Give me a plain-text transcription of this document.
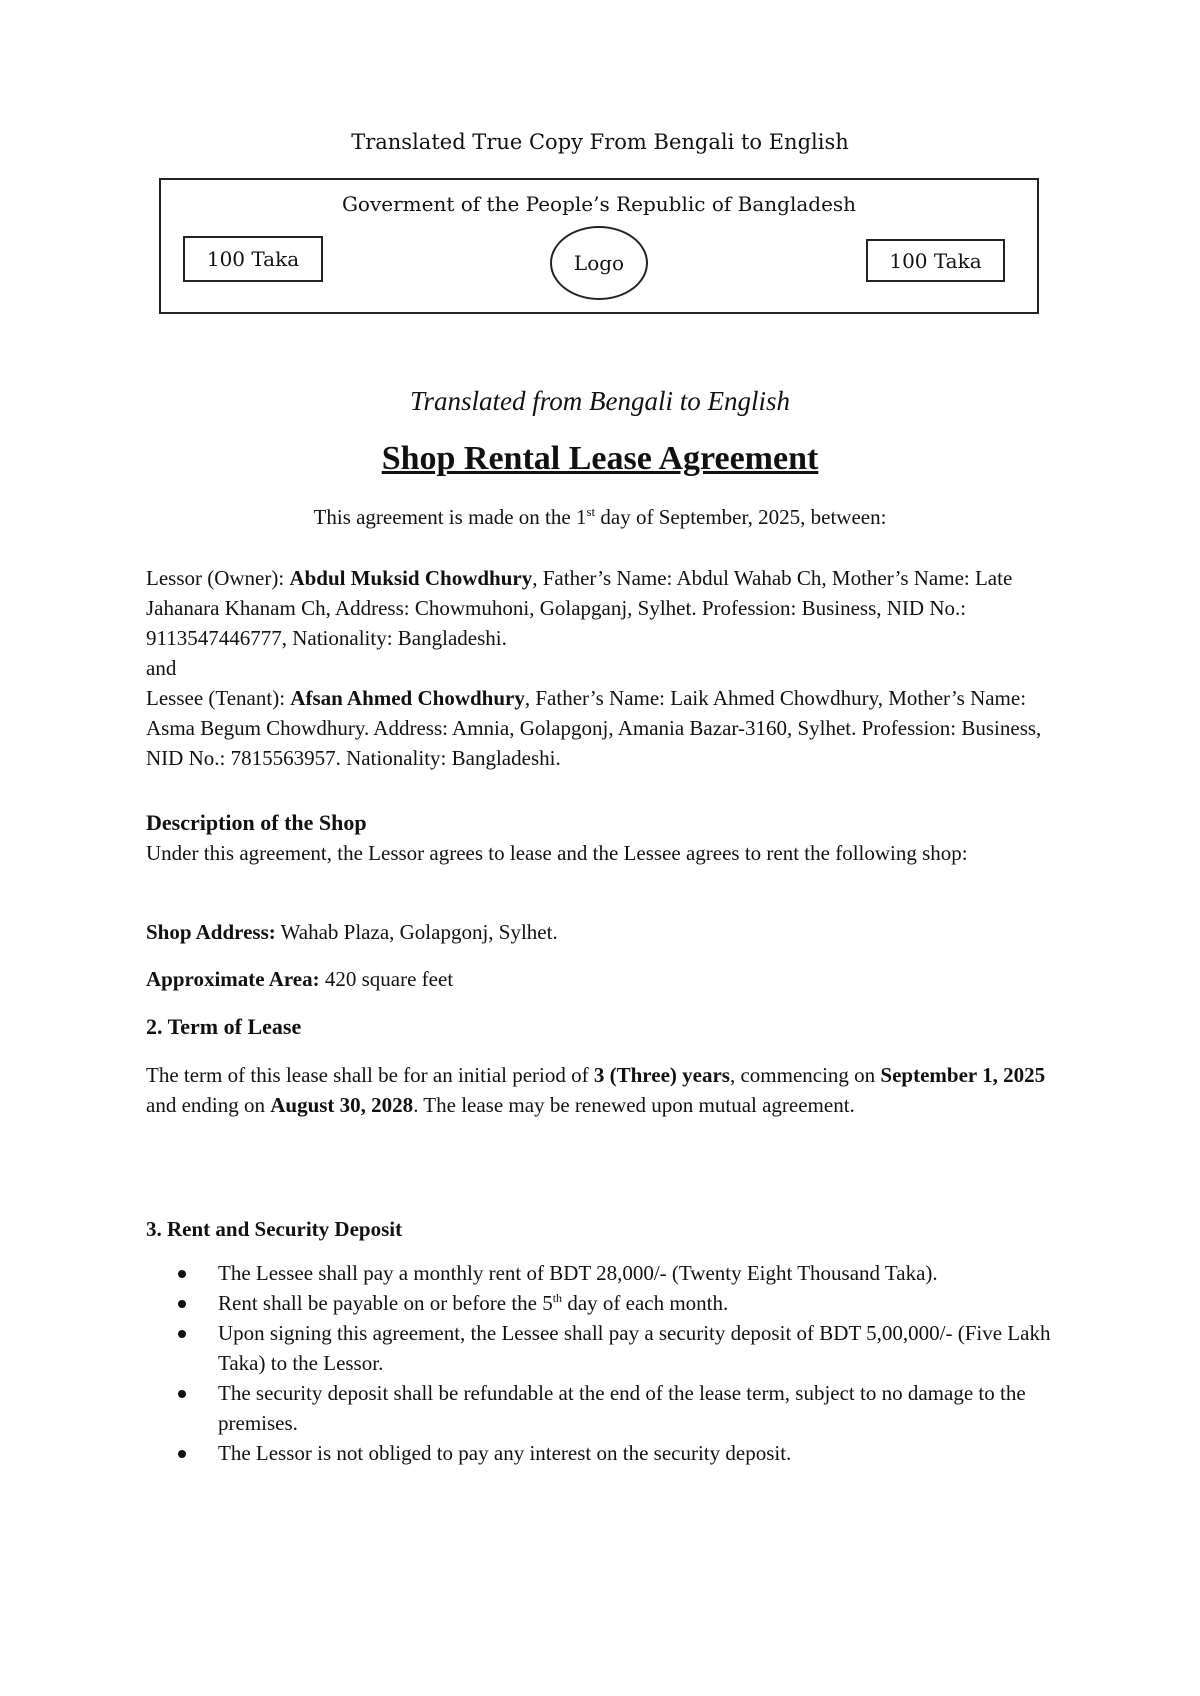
Translated True Copy From Bengali to English
Goverment of the People’s Republic of Bangladesh
100 Taka	Logo	100 Taka
Translated from Bengali to English
Shop Rental Lease Agreement
This agreement is made on the 1st day of September, 2025, between:

Lessor (Owner): Abdul Muksid Chowdhury, Father’s Name: Abdul Wahab Ch, Mother’s Name: Late Jahanara Khanam Ch, Address: Chowmuhoni, Golapganj, Sylhet. Profession: Business, NID No.: 9113547446777, Nationality: Bangladeshi.

and

Lessee (Tenant): Afsan Ahmed Chowdhury, Father’s Name: Laik Ahmed Chowdhury, Mother’s Name: Asma Begum Chowdhury. Address: Amnia, Golapgonj, Amania Bazar-3160, Sylhet. Profession: Business, NID No.: 7815563957. Nationality: Bangladeshi.

Description of the Shop

Under this agreement, the Lessor agrees to lease and the Lessee agrees to rent the following shop:

Shop Address: Wahab Plaza, Golapgonj, Sylhet.
Approximate Area: 420 square feet
2. Term of Lease
The term of this lease shall be for an initial period of 3 (Three) years, commencing on September 1, 2025 and ending on August 30, 2028. The lease may be renewed upon mutual agreement.
3. Rent and Security Deposit
The Lessee shall pay a monthly rent of BDT 28,000/- (Twenty Eight Thousand Taka).
Rent shall be payable on or before the 5th day of each month.
Upon signing this agreement, the Lessee shall pay a security deposit of BDT 5,00,000/- (Five Lakh Taka) to the Lessor.
The security deposit shall be refundable at the end of the lease term, subject to no damage to the premises.
The Lessor is not obliged to pay any interest on the security deposit.
